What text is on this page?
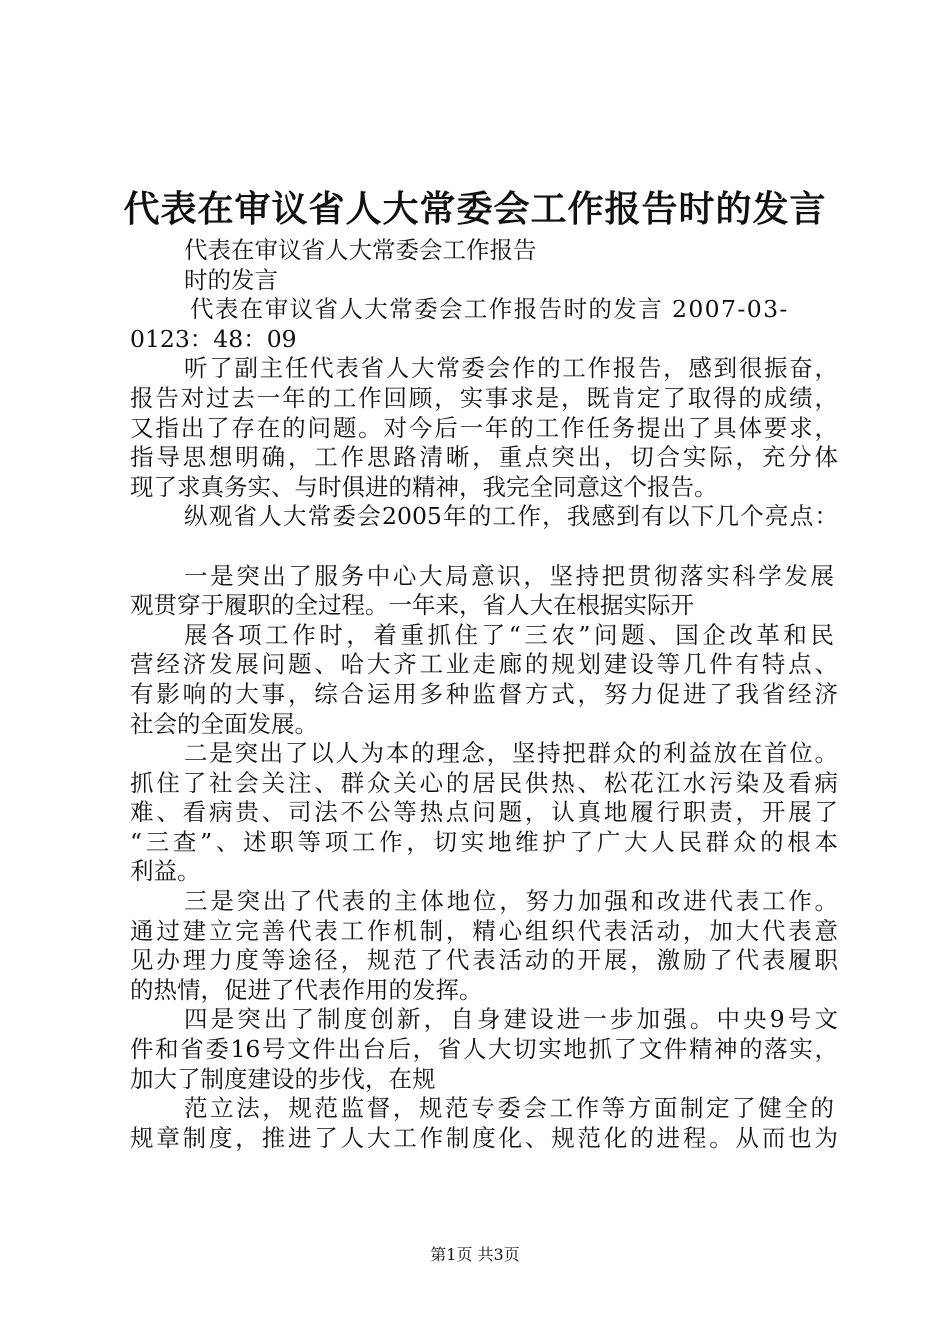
代表在审议省人大常委会工作报告时的发言
代表在审议省人大常委会工作报告
时的发言
代表在审议省人大常委会工作报告时的发言 2007-03-
0123：48：09
听了副主任代表省人大常委会作的工作报告，感到很振奋，
报告对过去一年的工作回顾，实事求是，既肯定了取得的成绩，
又指出了存在的问题。对今后一年的工作任务提出了具体要求，
指导思想明确，工作思路清晰，重点突出，切合实际，充分体
现了求真务实、与时俱进的精神，我完全同意这个报告。
纵观省人大常委会2005年的工作，我感到有以下几个亮点：
一是突出了服务中心大局意识，坚持把贯彻落实科学发展
观贯穿于履职的全过程。一年来，省人大在根据实际开
展各项工作时，着重抓住了“三农”问题、国企改革和民
营经济发展问题、哈大齐工业走廊的规划建设等几件有特点、
有影响的大事，综合运用多种监督方式，努力促进了我省经济
社会的全面发展。
二是突出了以人为本的理念，坚持把群众的利益放在首位。
抓住了社会关注、群众关心的居民供热、松花江水污染及看病
难、看病贵、司法不公等热点问题，认真地履行职责，开展了
“三查”、述职等项工作，切实地维护了广大人民群众的根本
利益。
三是突出了代表的主体地位，努力加强和改进代表工作。
通过建立完善代表工作机制，精心组织代表活动，加大代表意
见办理力度等途径，规范了代表活动的开展，激励了代表履职
的热情，促进了代表作用的发挥。
四是突出了制度创新，自身建设进一步加强。中央9号文
件和省委16号文件出台后，省人大切实地抓了文件精神的落实，
加大了制度建设的步伐，在规
范立法，规范监督，规范专委会工作等方面制定了健全的
规章制度，推进了人大工作制度化、规范化的进程。从而也为
第1页 共3页
